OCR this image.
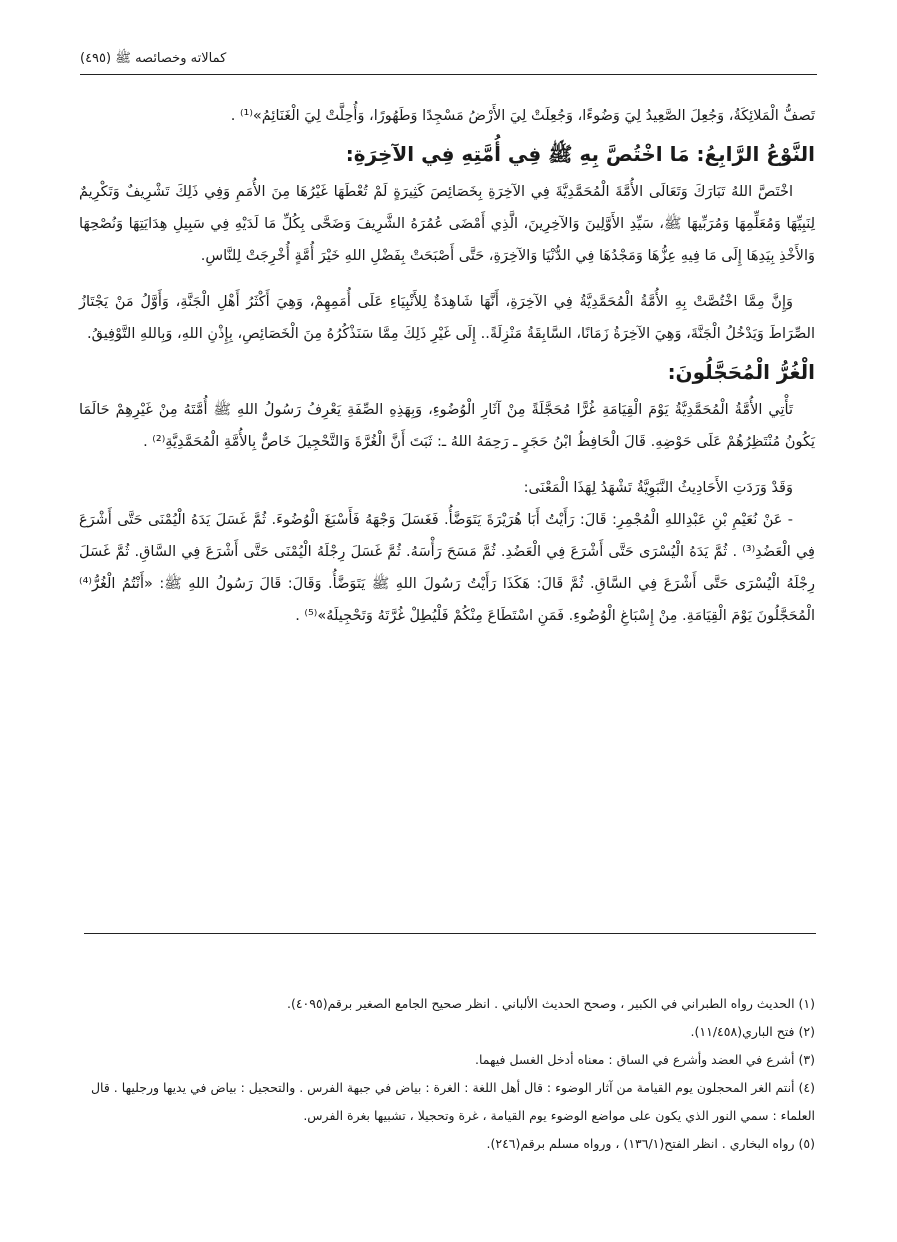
كمالاته وخصائصه ﷺ (٤٩٥)

تَصفُّ الْمَلائِكَةُ، وَجُعِلَ الصَّعِيدُ لِيَ وَضُوءًا، وَجُعِلَتْ لِيَ الأَرْضُ مَسْجِدًا وَطَهُورًا، وَأُحِلَّتْ لِيَ الْغَنَائِمُ»⁽¹⁾ .

النَّوْعُ الرَّابِعُ: مَا اخْتُصَّ بِهِ ﷺ فِي أُمَّتِهِ فِي الآخِرَةِ:

اخْتَصَّ اللهُ تَبَارَكَ وَتَعَالَى الأُمَّةَ الْمُحَمَّدِيَّةَ فِي الآخِرَةِ بِخَصَائِصَ كَثِيرَةٍ لَمْ تُعْطَهَا غَيْرُهَا مِنَ الأُمَمِ وَفِي ذَلِكَ تَشْرِيفٌ وَتَكْرِيمٌ لِنَبِيِّهَا وَمُعَلِّمِهَا وَمُرَبِّيهَا ﷺ، سَيِّدِ الأَوَّلِينَ وَالآخِرِينَ، الَّذِي أَمْضَى عُمُرَهُ الشَّرِيفَ وَضَحَّى بِكُلِّ مَا لَدَيْهِ فِي سَبِيلِ هِدَايَتِهَا وَنُصْحِهَا وَالأَخْذِ بِيَدِهَا إِلَى مَا فِيهِ عِزُّهَا وَمَجْدُهَا فِي الدُّنْيَا وَالآخِرَةِ، حَتَّى أَصْبَحَتْ بِفَضْلِ اللهِ خَيْرَ أُمَّةٍ أُخْرِجَتْ لِلنَّاسِ.

وَإِنَّ مِمَّا اخْتُصَّتْ بِهِ الأُمَّةُ الْمُحَمَّدِيَّةُ فِي الآخِرَةِ، أَنَّهَا شَاهِدَةٌ لِلأَنْبِيَاءِ عَلَى أُمَمِهِمْ، وَهِيَ أَكْثَرُ أَهْلِ الْجَنَّةِ، وَأَوَّلُ مَنْ يَجْتَازُ الصِّرَاطَ وَيَدْخُلُ الْجَنَّةَ، وَهِيَ الآخِرَةُ زَمَانًا، السَّابِقَةُ مَنْزِلَةً.. إِلَى غَيْرِ ذَلِكَ مِمَّا سَنَذْكُرُهُ مِنَ الْخَصَائِصِ، بِإِذْنِ اللهِ، وَبِاللهِ التَّوْفِيقُ.

الْغُرُّ الْمُحَجَّلُونَ:

تَأْتِي الأُمَّةُ الْمُحَمَّدِيَّةُ يَوْمَ الْقِيَامَةِ غُرًّا مُحَجَّلَةً مِنْ آثَارِ الْوُضُوءِ، وَبِهَذِهِ الصِّفَةِ يَعْرِفُ رَسُولُ اللهِ ﷺ أُمَّتَهُ مِنْ غَيْرِهِمْ حَالَمَا يَكُونُ مُنْتَظِرُهُمْ عَلَى حَوْضِهِ. قَالَ الْحَافِظُ ابْنُ حَجَرٍ ـ رَحِمَهُ اللهُ ـ: ثَبَتَ أَنَّ الْغُرَّةَ وَالتَّحْجِيلَ خَاصٌّ بِالأُمَّةِ الْمُحَمَّدِيَّةِ⁽²⁾ .

وَقَدْ وَرَدَتِ الأَحَادِيثُ النَّبَوِيَّةُ تَشْهَدُ لِهَذَا الْمَعْنَى:

- عَنْ نُعَيْمِ بْنِ عَبْدِاللهِ الْمُجْمِرِ: قَالَ: رَأَيْتُ أَبَا هُرَيْرَةَ يَتَوَضَّأُ. فَغَسَلَ وَجْهَهُ فَأَسْبَغَ الْوُضُوءَ. ثُمَّ غَسَلَ يَدَهُ الْيُمْنَى حَتَّى أَشْرَعَ فِي الْعَضُدِ⁽³⁾ . ثُمَّ يَدَهُ الْيُسْرَى حَتَّى أَشْرَعَ فِي الْعَضُدِ. ثُمَّ مَسَحَ رَأْسَهُ. ثُمَّ غَسَلَ رِجْلَهُ الْيُمْنَى حَتَّى أَشْرَعَ فِي السَّاقِ. ثُمَّ غَسَلَ رِجْلَهُ الْيُسْرَى حَتَّى أَشْرَعَ فِي السَّاقِ. ثُمَّ قَالَ: هَكَذَا رَأَيْتُ رَسُولَ اللهِ ﷺ يَتَوَضَّأُ. وَقَالَ: قَالَ رَسُولُ اللهِ ﷺ: «أَنْتُمُ الْغُرُّ⁽⁴⁾ الْمُحَجَّلُونَ يَوْمَ الْقِيَامَةِ. مِنْ إِسْبَاغِ الْوُضُوءِ. فَمَنِ اسْتَطَاعَ مِنْكُمْ فَلْيُطِلْ غُرَّتَهُ وَتَحْجِيلَهُ»⁽⁵⁾ .

(١) الحديث رواه الطبراني في الكبير ، وصحح الحديث الألباني . انظر صحيح الجامع الصغير برقم(٤٠٩٥).

(٢) فتح الباري(١١/٤٥٨).

(٣) أشرع في العضد وأشرع في الساق : معناه أدخل الغسل فيهما.

(٤) أنتم الغر المحجلون يوم القيامة من آثار الوضوء : قال أهل اللغة : الغرة : بياض في جبهة الفرس . والتحجيل : بياض في يديها ورجليها . قال العلماء : سمي النور الذي يكون على مواضع الوضوء يوم القيامة ، غرة وتحجيلا ، تشبيها بغرة الفرس.

(٥) رواه البخاري . انظر الفتح(١٣٦/١) ، ورواه مسلم برقم(٢٤٦).
